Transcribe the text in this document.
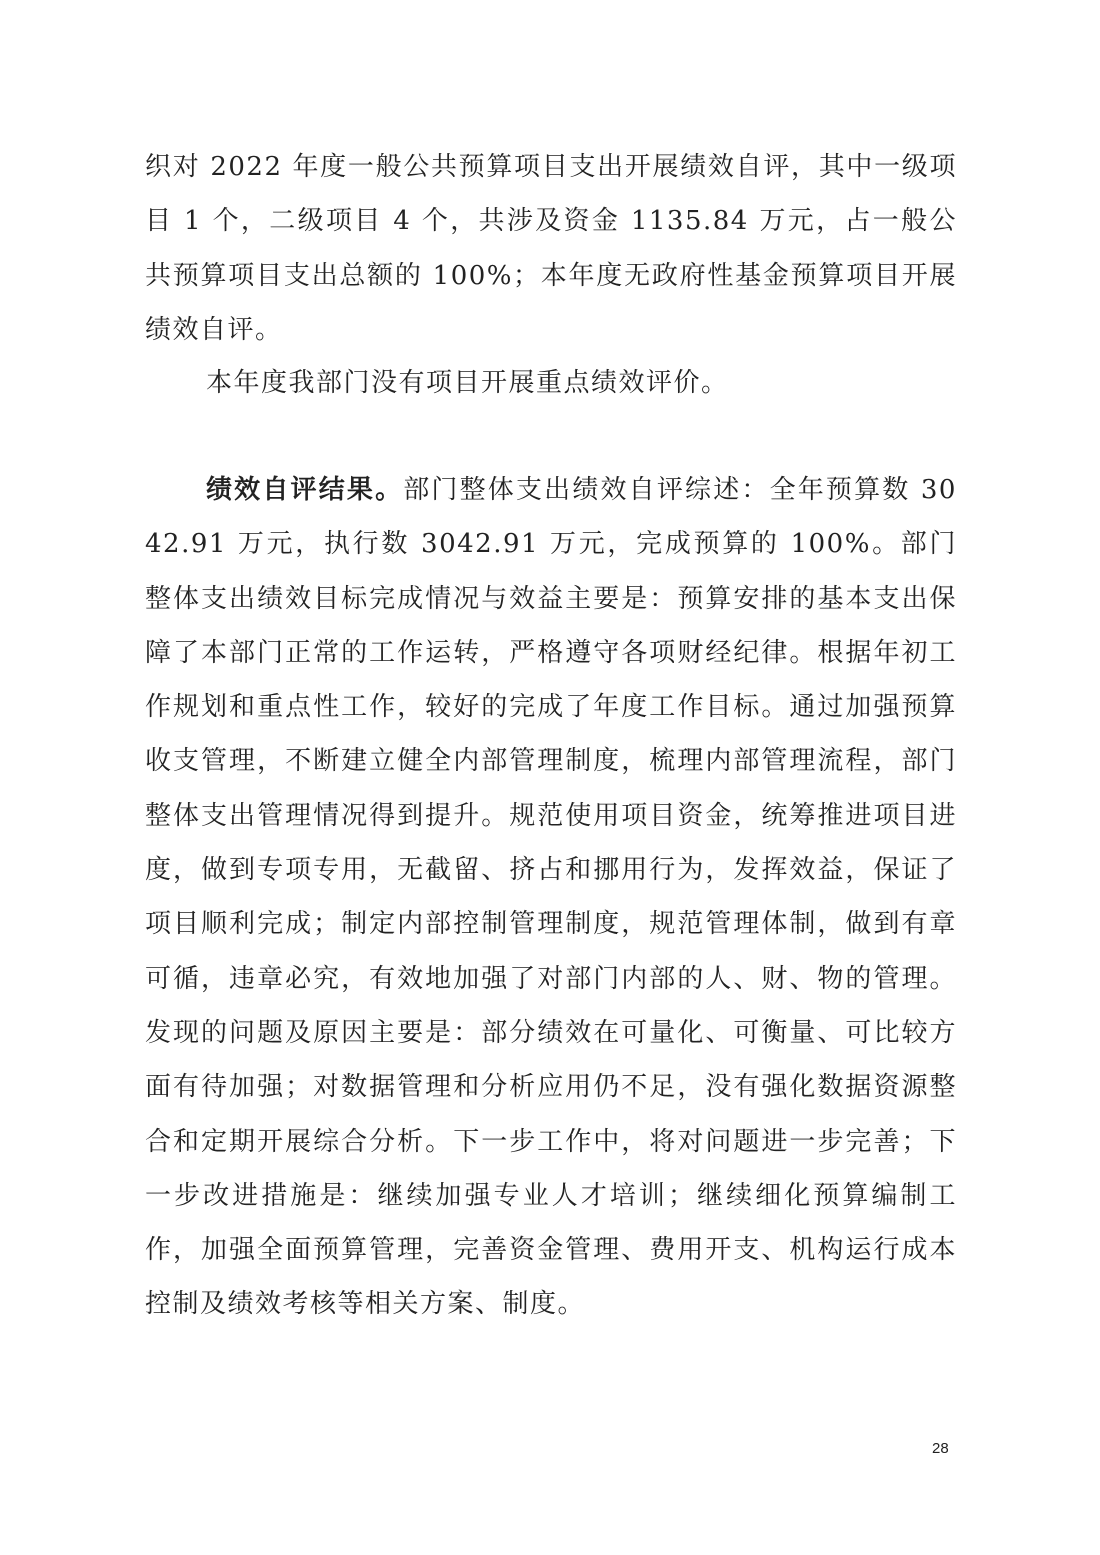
织对 2022 年度一般公共预算项目支出开展绩效自评，其中一级项目 1 个，二级项目 4 个，共涉及资金 1135.84 万元，占一般公共预算项目支出总额的 100%；本年度无政府性基金预算项目开展绩效自评。

本年度我部门没有项目开展重点绩效评价。

绩效自评结果。部门整体支出绩效自评综述：全年预算数 3042.91 万元，执行数 3042.91 万元，完成预算的 100%。部门整体支出绩效目标完成情况与效益主要是：预算安排的基本支出保障了本部门正常的工作运转，严格遵守各项财经纪律。根据年初工作规划和重点性工作，较好的完成了年度工作目标。通过加强预算收支管理，不断建立健全内部管理制度，梳理内部管理流程，部门整体支出管理情况得到提升。规范使用项目资金，统筹推进项目进度，做到专项专用，无截留、挤占和挪用行为，发挥效益，保证了项目顺利完成；制定内部控制管理制度，规范管理体制，做到有章可循，违章必究，有效地加强了对部门内部的人、财、物的管理。发现的问题及原因主要是：部分绩效在可量化、可衡量、可比较方面有待加强；对数据管理和分析应用仍不足，没有强化数据资源整合和定期开展综合分析。下一步工作中，将对问题进一步完善；下一步改进措施是：继续加强专业人才培训；继续细化预算编制工作，加强全面预算管理，完善资金管理、费用开支、机构运行成本控制及绩效考核等相关方案、制度。

28
